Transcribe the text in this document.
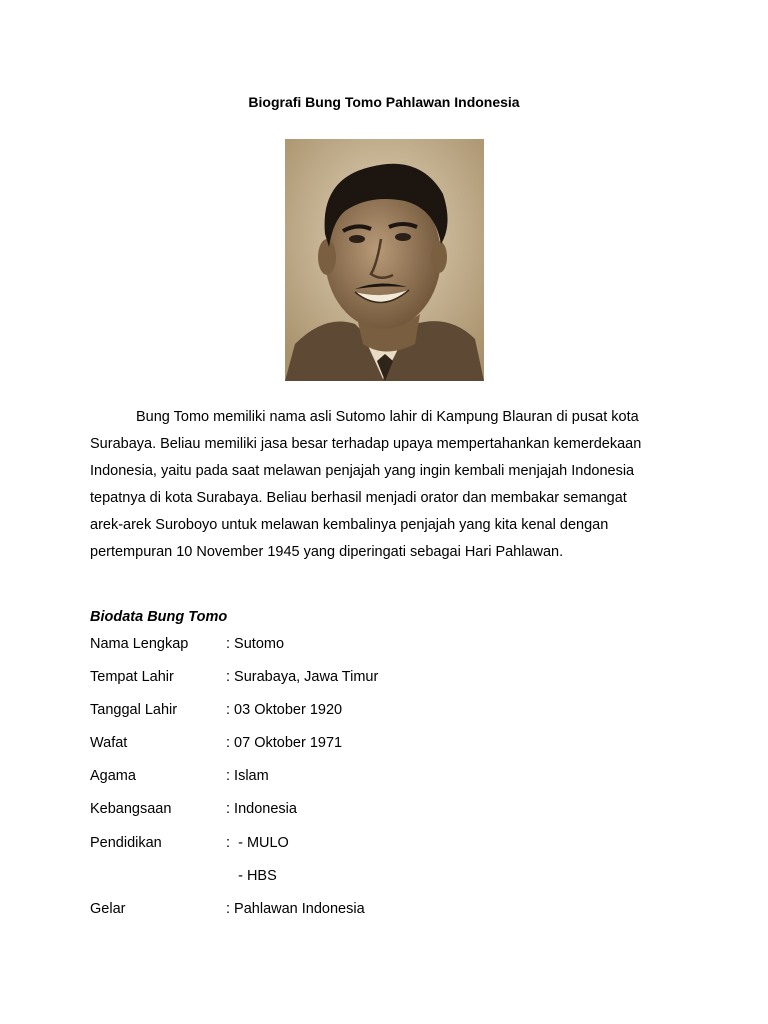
Biografi Bung Tomo Pahlawan Indonesia
Bung Tomo memiliki nama asli Sutomo lahir di Kampung Blauran di pusat kota
Surabaya. Beliau memiliki jasa besar terhadap upaya mempertahankan kemerdekaan
Indonesia, yaitu pada saat melawan penjajah yang ingin kembali menjajah Indonesia
tepatnya di kota Surabaya. Beliau berhasil menjadi orator dan membakar semangat
arek-arek Suroboyo untuk melawan kembalinya penjajah yang kita kenal dengan
pertempuran 10 November 1945 yang diperingati sebagai Hari Pahlawan.
Biodata Bung Tomo
Nama Lengkap	: Sutomo
Tempat Lahir	: Surabaya, Jawa Timur
Tanggal Lahir	: 03 Oktober 1920
Wafat	: 07 Oktober 1971
Agama	: Islam
Kebangsaan	: Indonesia
Pendidikan	:  - MULO
- HBS
Gelar	: Pahlawan Indonesia
